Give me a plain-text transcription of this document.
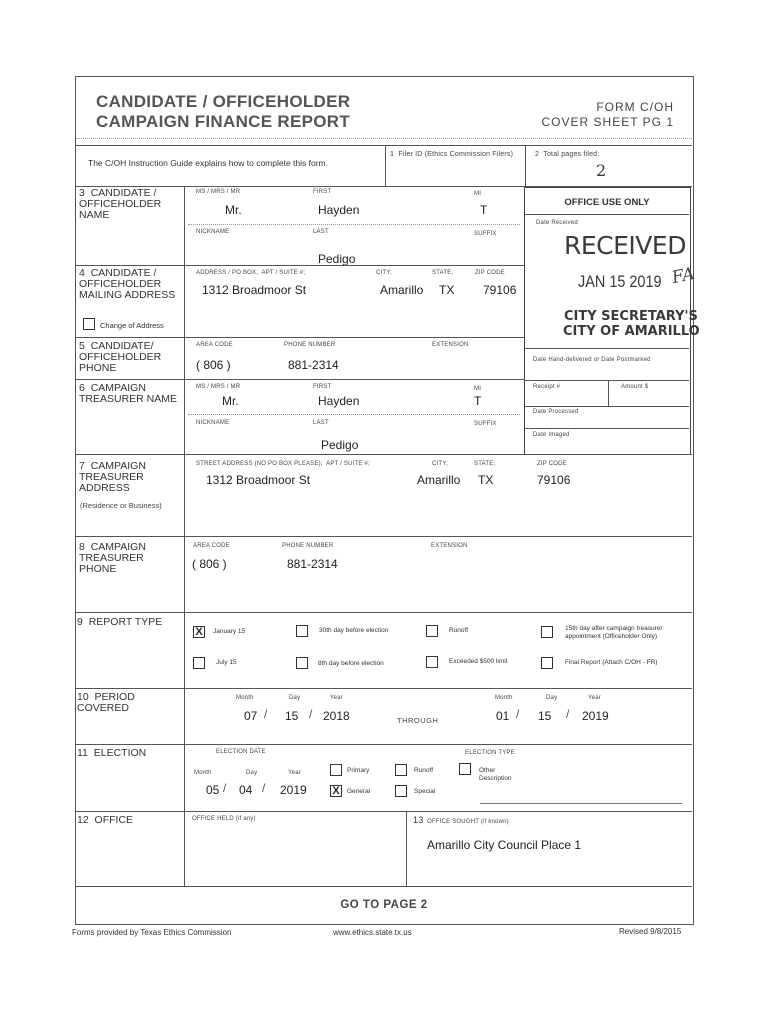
CANDIDATE / OFFICEHOLDER
CAMPAIGN FINANCE REPORT
FORM C/OH
COVER SHEET PG 1
The C/OH Instruction Guide explains how to complete this form.
1 Filer ID (Ethics Commission Filers)	2 Total pages filed:
2
OFFICE USE ONLY
Date Received
RECEIVED
JAN 15 2019 FA
CITY SECRETARY'S
CITY OF AMARILLO
Date Hand-delivered or Date Postmarked
Receipt #	Amount $
Date Processed
Date Imaged
3 CANDIDATE / OFFICEHOLDER NAME
MS / MRS / MR	FIRST	MI
Mr.	Hayden	T
NICKNAME	LAST	SUFFIX
Pedigo
4 CANDIDATE / OFFICEHOLDER MAILING ADDRESS
ADDRESS / PO BOX; APT / SUITE #;	CITY;	STATE;	ZIP CODE
1312 Broadmoor St	Amarillo TX 79106
Change of Address
5 CANDIDATE/ OFFICEHOLDER PHONE
AREA CODE	PHONE NUMBER	EXTENSION
( 806 )	881-2314
6 CAMPAIGN TREASURER NAME
MS / MRS / MR	FIRST	MI
Mr.	Hayden	T
NICKNAME	LAST	SUFFIX
Pedigo
7 CAMPAIGN TREASURER ADDRESS
(Residence or Business)
STREET ADDRESS (NO PO BOX PLEASE); APT / SUITE #;	CITY;	STATE;	ZIP CODE
1312 Broadmoor St	Amarillo TX	79106
8 CAMPAIGN TREASURER PHONE
AREA CODE	PHONE NUMBER	EXTENSION
( 806 )	881-2314
9 REPORT TYPE
X	January 15	30th day before election	Runoff	15th day after campaign treasurer appointment (Officeholder Only)
July 15	8th day before election	Exceeded $500 limit	Final Report (Attach C/OH - FR)
10 PERIOD COVERED
Month	Day	Year
07 / 15 / 2018	THROUGH
Month	Day	Year
01 / 15 / 2019
11 ELECTION	ELECTION DATE	ELECTION TYPE
Month	Day	Year
05 / 04 / 2019
Primary	Runoff	Other Description
X	General	Special
12 OFFICE	OFFICE HELD (if any)	13 OFFICE SOUGHT (if known)
Amarillo City Council Place 1
GO TO PAGE 2
Forms provided by Texas Ethics Commission	www.ethics.state.tx.us	Revised 9/8/2015
